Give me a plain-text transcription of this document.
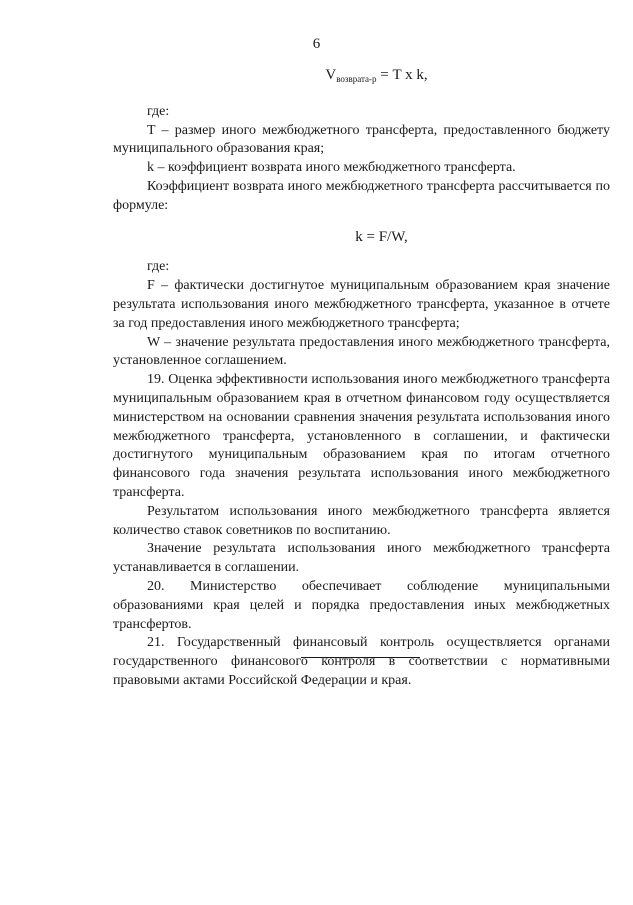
6

$V_{возврата-р} = T$ x k,

где:

T – размер иного межбюджетного трансферта, предоставленного бюджету муниципального образования края;

k – коэффициент возврата иного межбюджетного трансферта.

Коэффициент возврата иного межбюджетного трансферта рассчитывается по формуле:

k = F/W,

где:

F – фактически достигнутое муниципальным образованием края значение результата использования иного межбюджетного трансферта, указанное в отчете за год предоставления иного межбюджетного трансферта;

W – значение результата предоставления иного межбюджетного трансферта, установленное соглашением.

19. Оценка эффективности использования иного межбюджетного трансферта муниципальным образованием края в отчетном финансовом году осуществляется министерством на основании сравнения значения результата использования иного межбюджетного трансферта, установленного в соглашении, и фактически достигнутого муниципальным образованием края по итогам отчетного финансового года значения результата использования иного межбюджетного трансферта.

Результатом использования иного межбюджетного трансферта является количество ставок советников по воспитанию.

Значение результата использования иного межбюджетного трансферта устанавливается в соглашении.

20. Министерство обеспечивает соблюдение муниципальными образованиями края целей и порядка предоставления иных межбюджетных трансфертов.

21. Государственный финансовый контроль осуществляется органами государственного финансового контроля в соответствии с нормативными правовыми актами Российской Федерации и края.
